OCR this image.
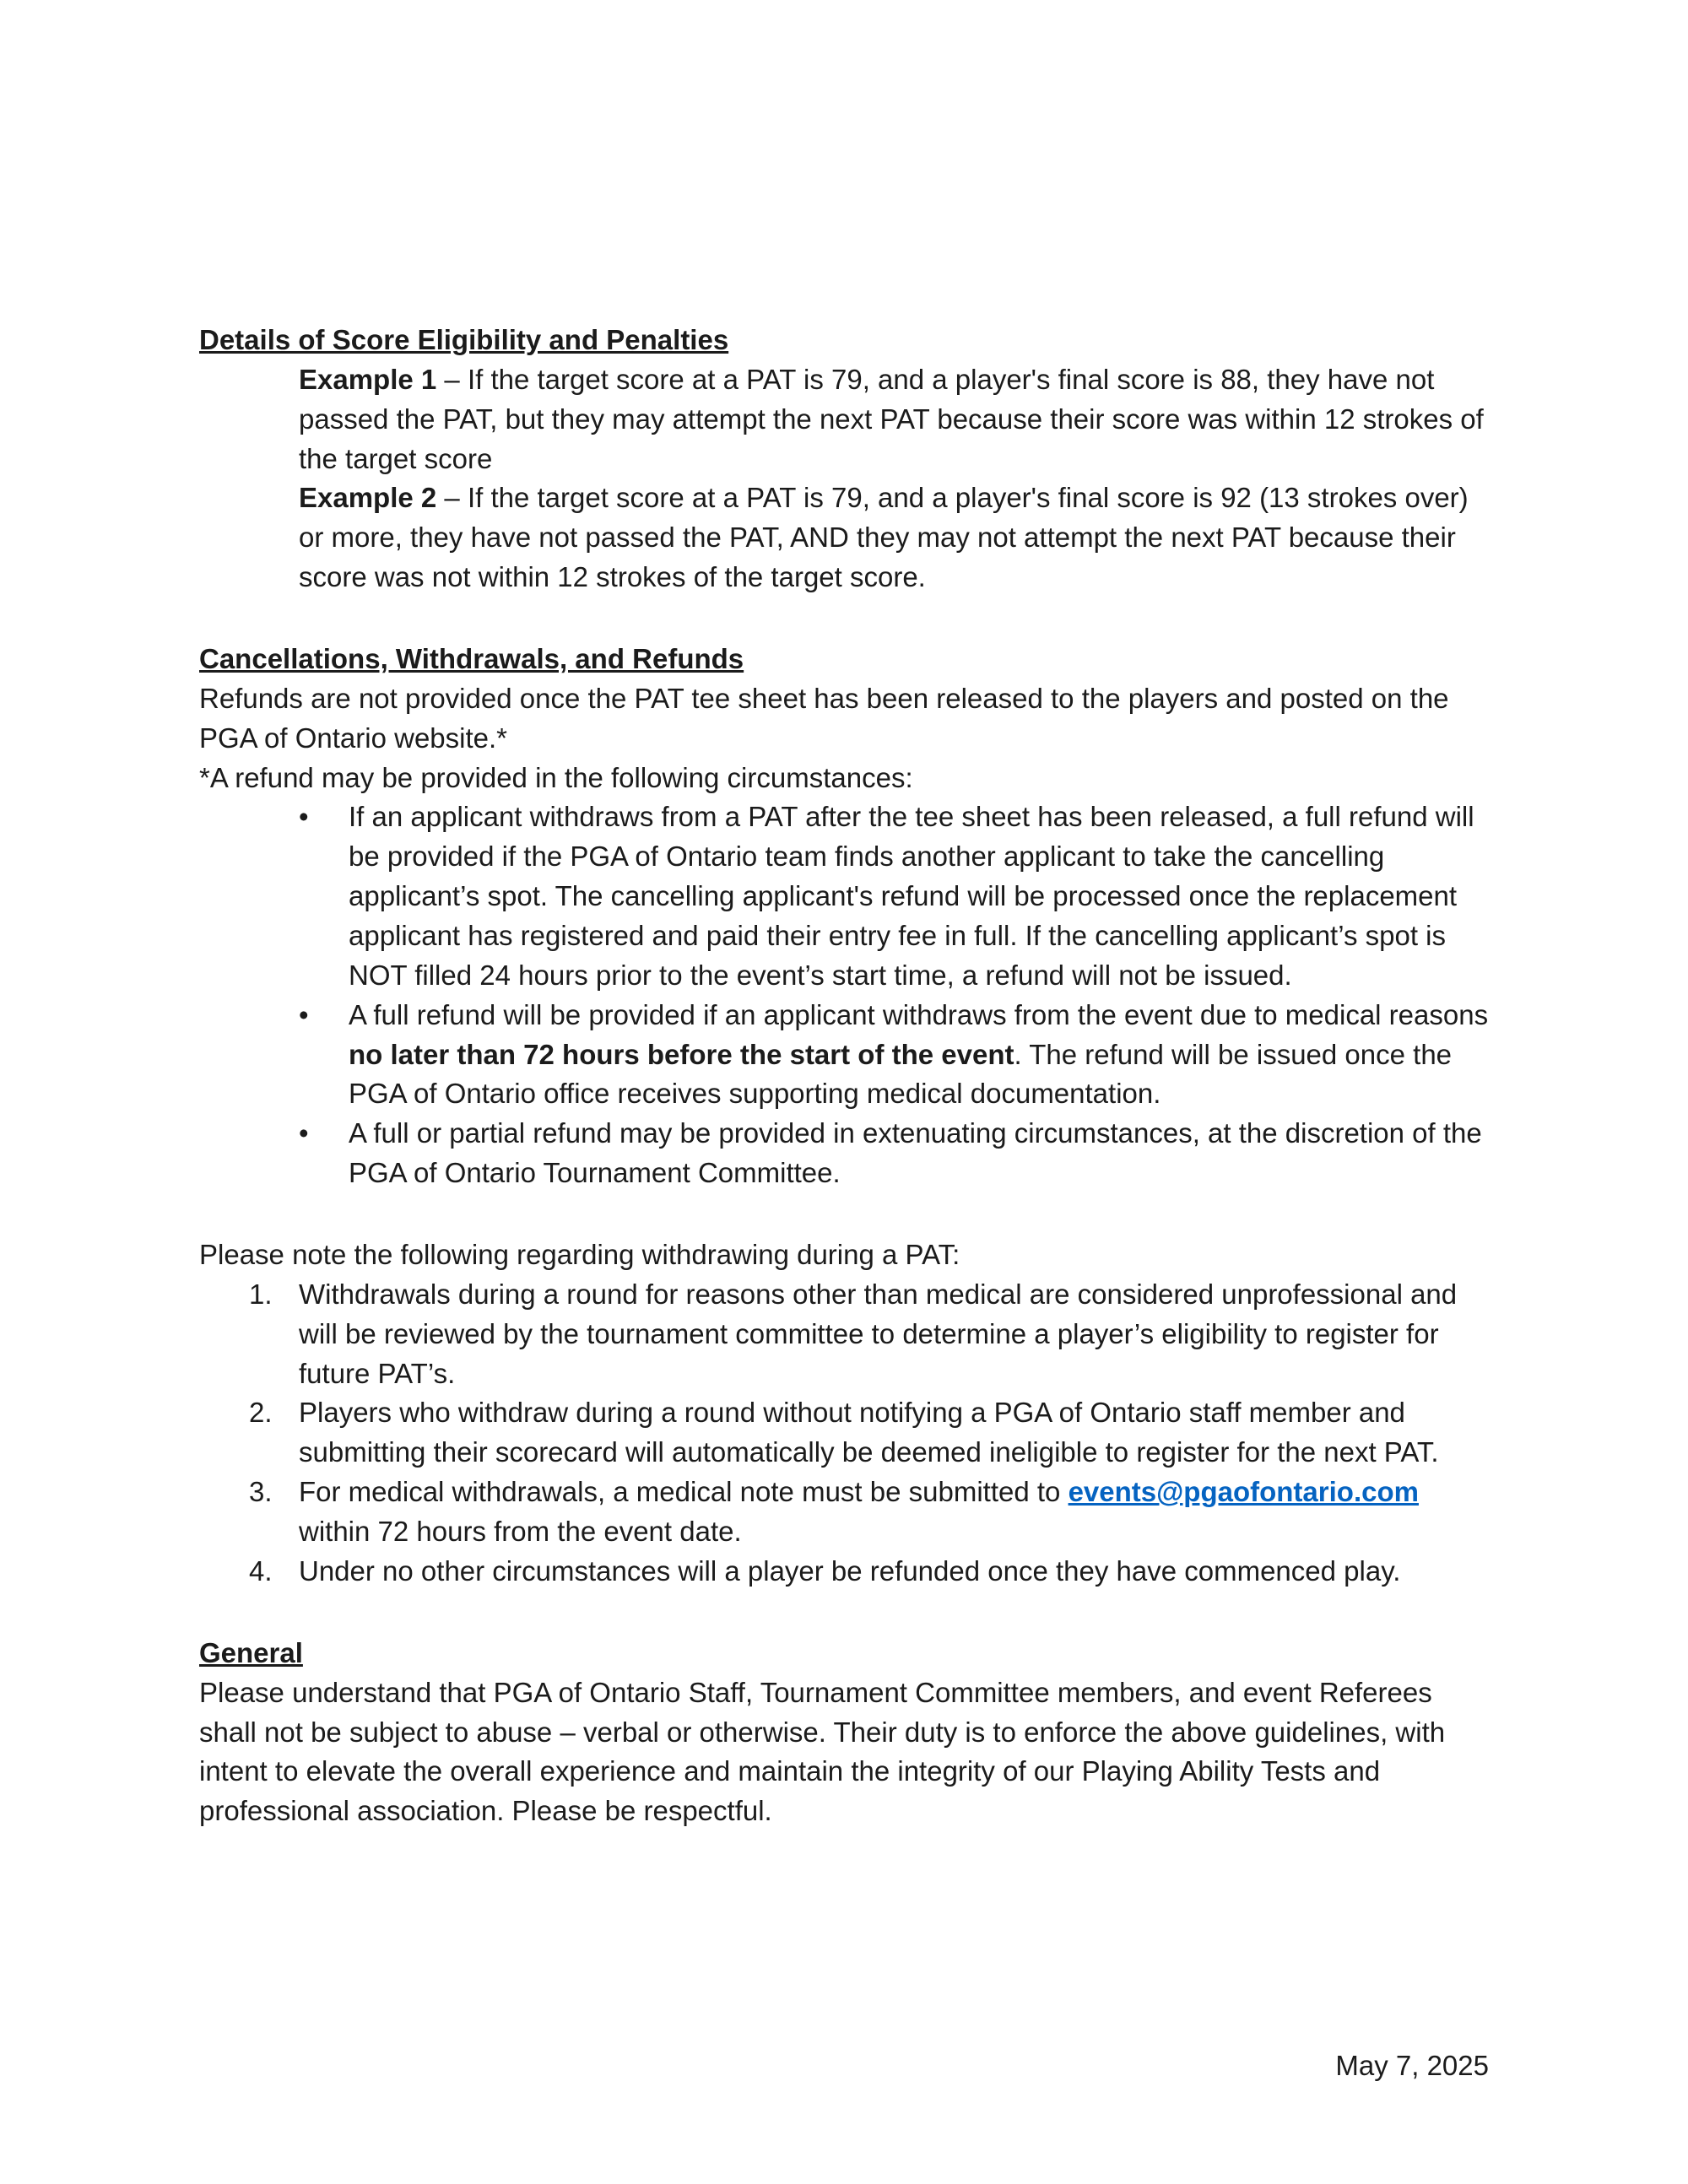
Details of Score Eligibility and Penalties

Example 1 – If the target score at a PAT is 79, and a player's final score is 88, they have not passed the PAT, but they may attempt the next PAT because their score was within 12 strokes of the target score

Example 2 – If the target score at a PAT is 79, and a player's final score is 92 (13 strokes over) or more, they have not passed the PAT, AND they may not attempt the next PAT because their score was not within 12 strokes of the target score.

Cancellations, Withdrawals, and Refunds

Refunds are not provided once the PAT tee sheet has been released to the players and posted on the PGA of Ontario website.*

*A refund may be provided in the following circumstances:

•	If an applicant withdraws from a PAT after the tee sheet has been released, a full refund will be provided if the PGA of Ontario team finds another applicant to take the cancelling applicant’s spot. The cancelling applicant's refund will be processed once the replacement applicant has registered and paid their entry fee in full. If the cancelling applicant’s spot is NOT filled 24 hours prior to the event’s start time, a refund will not be issued.
•	A full refund will be provided if an applicant withdraws from the event due to medical reasons no later than 72 hours before the start of the event. The refund will be issued once the PGA of Ontario office receives supporting medical documentation.
•	A full or partial refund may be provided in extenuating circumstances, at the discretion of the PGA of Ontario Tournament Committee.

Please note the following regarding withdrawing during a PAT:

1. Withdrawals during a round for reasons other than medical are considered unprofessional and will be reviewed by the tournament committee to determine a player’s eligibility to register for future PAT’s.
2. Players who withdraw during a round without notifying a PGA of Ontario staff member and submitting their scorecard will automatically be deemed ineligible to register for the next PAT.
3. For medical withdrawals, a medical note must be submitted to events@pgaofontario.com within 72 hours from the event date.
4. Under no other circumstances will a player be refunded once they have commenced play.

General

Please understand that PGA of Ontario Staff, Tournament Committee members, and event Referees shall not be subject to abuse – verbal or otherwise. Their duty is to enforce the above guidelines, with intent to elevate the overall experience and maintain the integrity of our Playing Ability Tests and professional association. Please be respectful.

May 7, 2025
